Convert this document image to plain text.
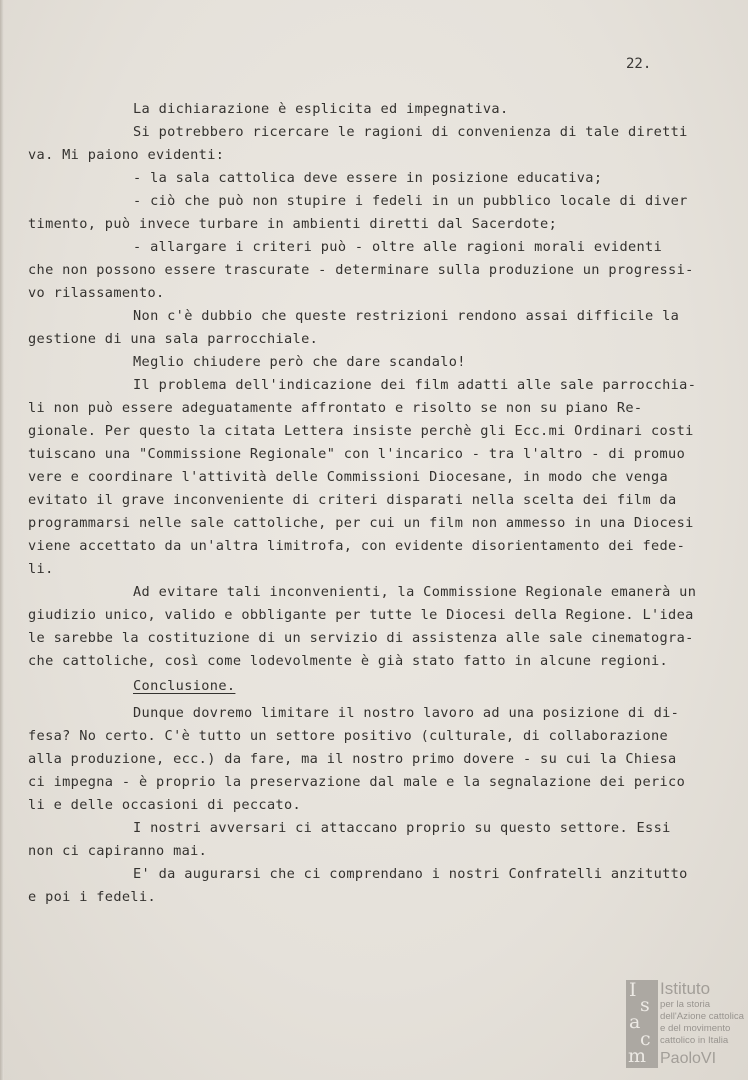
22.
La dichiarazione è esplicita ed impegnativa.
Si potrebbero ricercare le ragioni di convenienza di tale diretti
va. Mi paiono evidenti:
- la sala cattolica deve essere in posizione educativa;
- ciò che può non stupire i fedeli in un pubblico locale di diver
timento, può invece turbare in ambienti diretti dal Sacerdote;
- allargare i criteri può - oltre alle ragioni morali evidenti
che non possono essere trascurate - determinare sulla produzione un progressi-
vo rilassamento.
Non c'è dubbio che queste restrizioni rendono assai difficile la
gestione di una sala parrocchiale.
Meglio chiudere però che dare scandalo!
Il problema dell'indicazione dei film adatti alle sale parrocchia-
li non può essere adeguatamente affrontato e risolto se non su piano Re-
gionale. Per questo la citata Lettera insiste perchè gli Ecc.mi Ordinari costi
tuiscano una "Commissione Regionale" con l'incarico - tra l'altro - di promuo
vere e coordinare l'attività delle Commissioni Diocesane, in modo che venga
evitato il grave inconveniente di criteri disparati nella scelta dei film da
programmarsi nelle sale cattoliche, per cui un film non ammesso in una Diocesi
viene accettato da un'altra limitrofa, con evidente disorientamento dei fede-
li.
Ad evitare tali inconvenienti, la Commissione Regionale emanerà un
giudizio unico, valido e obbligante per tutte le Diocesi della Regione. L'idea
le sarebbe la costituzione di un servizio di assistenza alle sale cinematogra-
che cattoliche, così come lodevolmente è già stato fatto in alcune regioni.
Conclusione.
Dunque dovremo limitare il nostro lavoro ad una posizione di di-
fesa? No certo. C'è tutto un settore positivo (culturale, di collaborazione
alla produzione, ecc.) da fare, ma il nostro primo dovere - su cui la Chiesa
ci impegna - è proprio la preservazione dal male e la segnalazione dei perico
li e delle occasioni di peccato.
I nostri avversari ci attaccano proprio su questo settore. Essi
non ci capiranno mai.
E' da augurarsi che ci comprendano i nostri Confratelli anzitutto
e poi i fedeli.
I
s
a
c
m
Istituto
per la storia
dell'Azione cattolica
e del movimento
cattolico in Italia
PaoloVI
